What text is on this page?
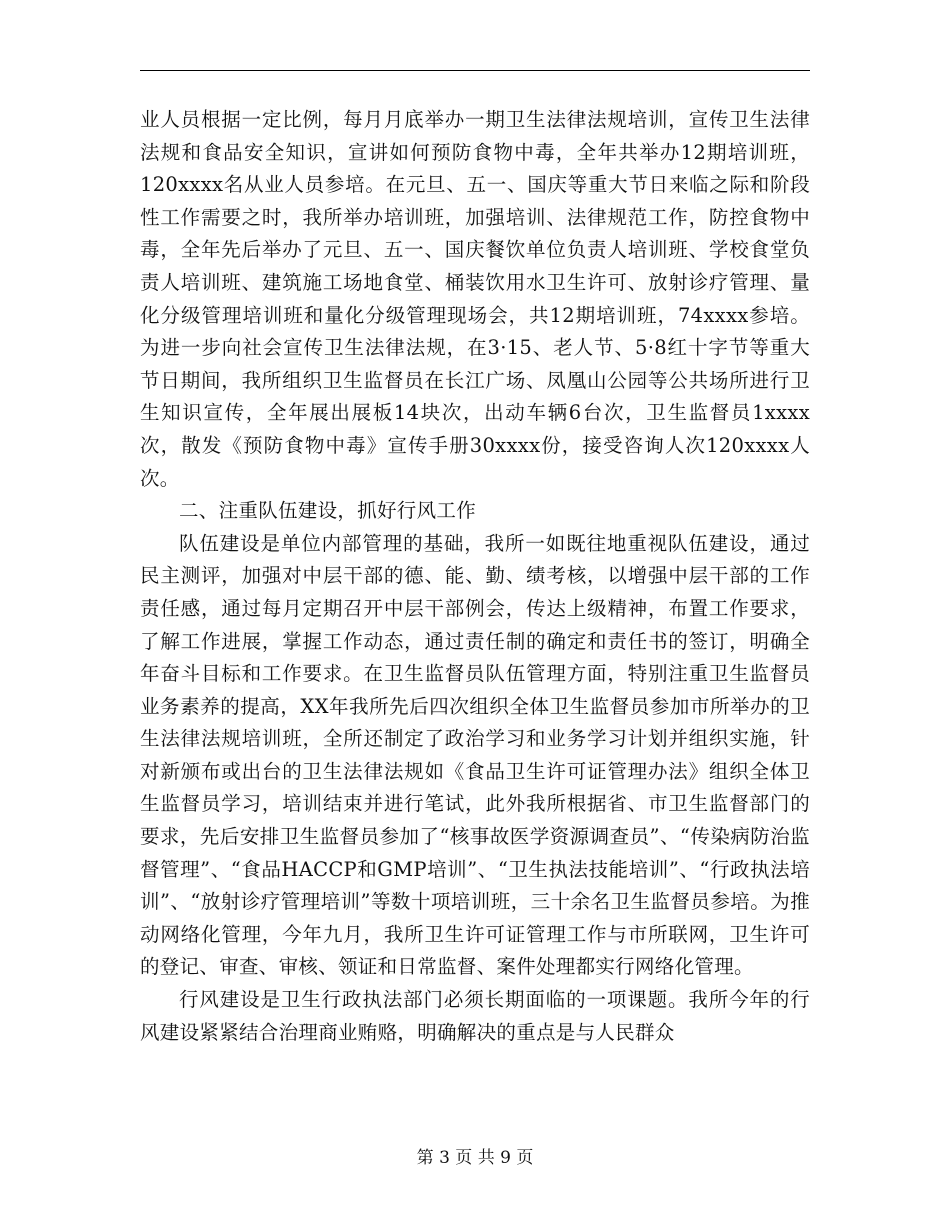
业人员根据一定比例，每月月底举办一期卫生法律法规培训，宣传卫生法律法规和食品安全知识，宣讲如何预防食物中毒，全年共举办12期培训班，120xxxx名从业人员参培。在元旦、五一、国庆等重大节日来临之际和阶段性工作需要之时，我所举办培训班，加强培训、法律规范工作，防控食物中毒，全年先后举办了元旦、五一、国庆餐饮单位负责人培训班、学校食堂负责人培训班、建筑施工场地食堂、桶装饮用水卫生许可、放射诊疗管理、量化分级管理培训班和量化分级管理现场会，共12期培训班，74xxxx参培。为进一步向社会宣传卫生法律法规，在3·15、老人节、5·8红十字节等重大节日期间，我所组织卫生监督员在长江广场、凤凰山公园等公共场所进行卫生知识宣传，全年展出展板14块次，出动车辆6台次，卫生监督员1xxxx次，散发《预防食物中毒》宣传手册30xxxx份，接受咨询人次120xxxx人次。

二、注重队伍建设，抓好行风工作

队伍建设是单位内部管理的基础，我所一如既往地重视队伍建设，通过民主测评，加强对中层干部的德、能、勤、绩考核，以增强中层干部的工作责任感，通过每月定期召开中层干部例会，传达上级精神，布置工作要求，了解工作进展，掌握工作动态，通过责任制的确定和责任书的签订，明确全年奋斗目标和工作要求。在卫生监督员队伍管理方面，特别注重卫生监督员业务素养的提高，XX年我所先后四次组织全体卫生监督员参加市所举办的卫生法律法规培训班，全所还制定了政治学习和业务学习计划并组织实施，针对新颁布或出台的卫生法律法规如《食品卫生许可证管理办法》组织全体卫生监督员学习，培训结束并进行笔试，此外我所根据省、市卫生监督部门的要求，先后安排卫生监督员参加了“核事故医学资源调查员”、“传染病防治监督管理”、“食品HACCP和GMP培训”、“卫生执法技能培训”、“行政执法培训”、“放射诊疗管理培训”等数十项培训班，三十余名卫生监督员参培。为推动网络化管理，今年九月，我所卫生许可证管理工作与市所联网，卫生许可的登记、审查、审核、领证和日常监督、案件处理都实行网络化管理。

行风建设是卫生行政执法部门必须长期面临的一项课题。我所今年的行风建设紧紧结合治理商业贿赂，明确解决的重点是与人民群众

第 3 页 共 9 页
